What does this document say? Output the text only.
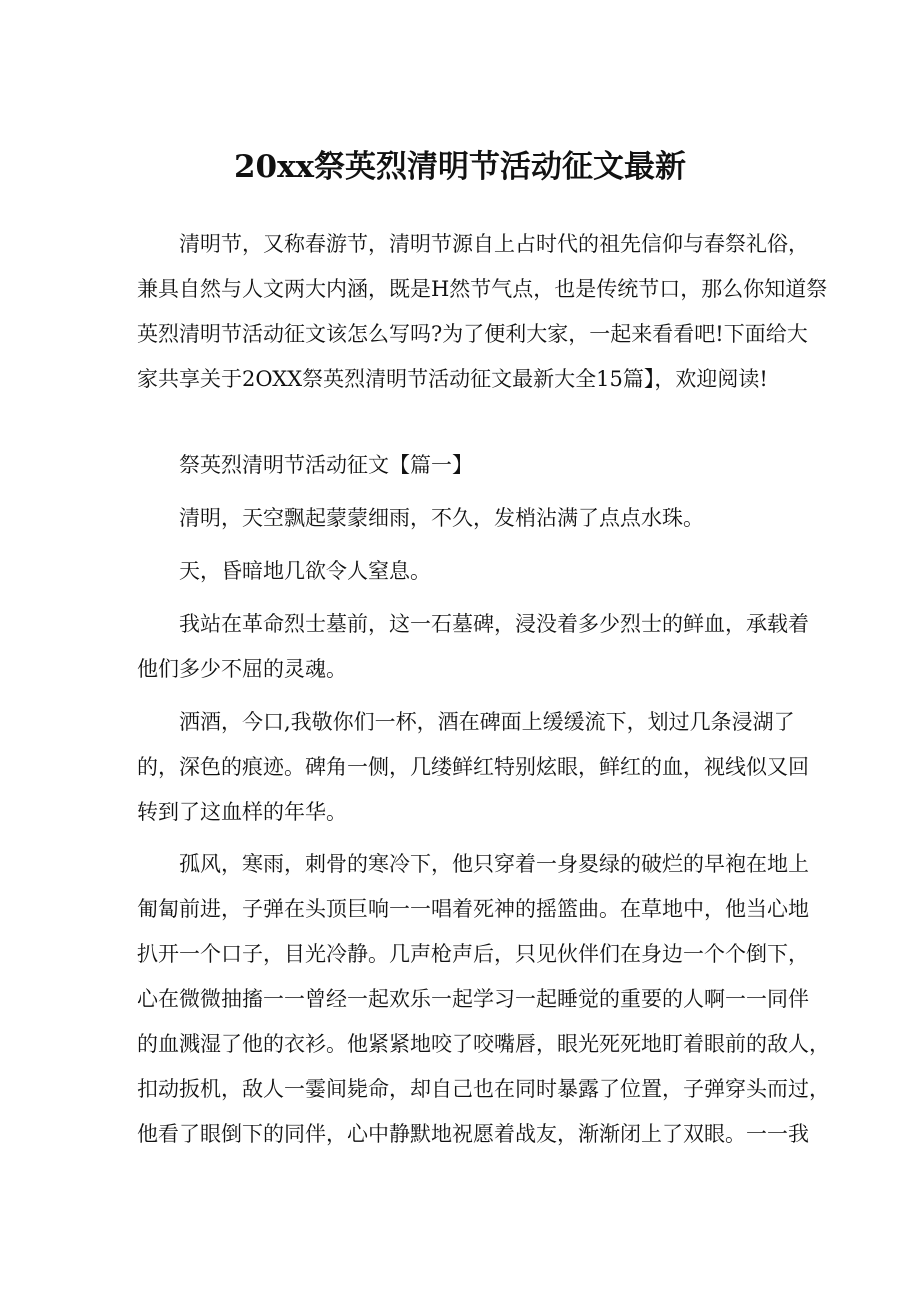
20xx祭英烈清明节活动征文最新
清明节，又称春游节，清明节源自上占时代的祖先信仰与春祭礼俗，
兼具自然与人文两大内涵，既是H然节气点，也是传统节口，那么你知道祭
英烈清明节活动征文该怎么写吗?为了便利大家，一起来看看吧!下面给大
家共享关于2OXX祭英烈清明节活动征文最新大全15篇】，欢迎阅读!
祭英烈清明节活动征文【篇一】
清明，天空飘起蒙蒙细雨，不久，发梢沾满了点点水珠。
天，昏暗地几欲令人窒息。
我站在革命烈士墓前，这一石墓碑，浸没着多少烈士的鲜血，承载着
他们多少不屈的灵魂。
洒酒，今口,我敬你们一杯，酒在碑面上缓缓流下，划过几条浸湖了
的，深色的痕迹。碑角一侧，几缕鲜红特别炫眼，鲜红的血，视线似又回
转到了这血样的年华。
孤风，寒雨，刺骨的寒冷下，他只穿着一身畟绿的破烂的早袍在地上
匍匐前进，子弹在头顶巨响一一唱着死神的摇篮曲。在草地中，他当心地
扒开一个口子，目光冷静。几声枪声后，只见伙伴们在身边一个个倒下，
心在微微抽搐一一曾经一起欢乐一起学习一起睡觉的重要的人啊一一同伴
的血溅湿了他的衣衫。他紧紧地咬了咬嘴唇，眼光死死地盯着眼前的敌人，
扣动扳机，敌人一霎间毙命，却自己也在同时暴露了位置，子弹穿头而过，
他看了眼倒下的同伴，心中静默地祝愿着战友，渐渐闭上了双眼。一一我
